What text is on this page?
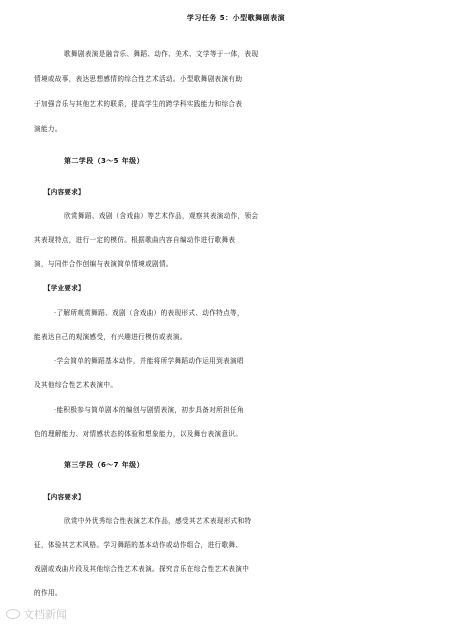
学习任务 5：小型歌舞剧表演
歌舞剧表演是融音乐、舞蹈、动作、美术、文学等于一体，表现
情境或故事，表达思想感情的综合性艺术活动。小型歌舞剧表演有助
于加强音乐与其他艺术的联系，提高学生的跨学科实践能力和综合表
演能力。
第二学段（3～5 年级）
【内容要求】
欣赏舞蹈、戏剧（含戏曲）等艺术作品，观察其表演动作，领会
其表现特点，进行一定的模仿。根据歌曲内容自编动作进行歌舞表
演，与同伴合作创编与表演简单情境或剧情。
【学业要求】
·了解所观赏舞蹈、戏剧（含戏曲）的表现形式、动作特点等，
能表达自己的观演感受，有兴趣进行模仿或表演。
·学会简单的舞蹈基本动作，并能将所学舞蹈动作运用到表演唱
及其他综合性艺术表演中。
·能积极参与简单剧本的编创与剧情表演，初步具备对所担任角
色的理解能力、对情感状态的体验和想象能力，以及舞台表演意识。
第三学段（6～7 年级）
【内容要求】
欣赏中外优秀综合性表演艺术作品，感受其艺术表现形式和特
征，体验其艺术风格。学习舞蹈的基本动作或动作组合，进行歌舞、
戏剧或戏曲片段及其他综合性艺术表演。探究音乐在综合性艺术表演中
的作用。
文档新闻
